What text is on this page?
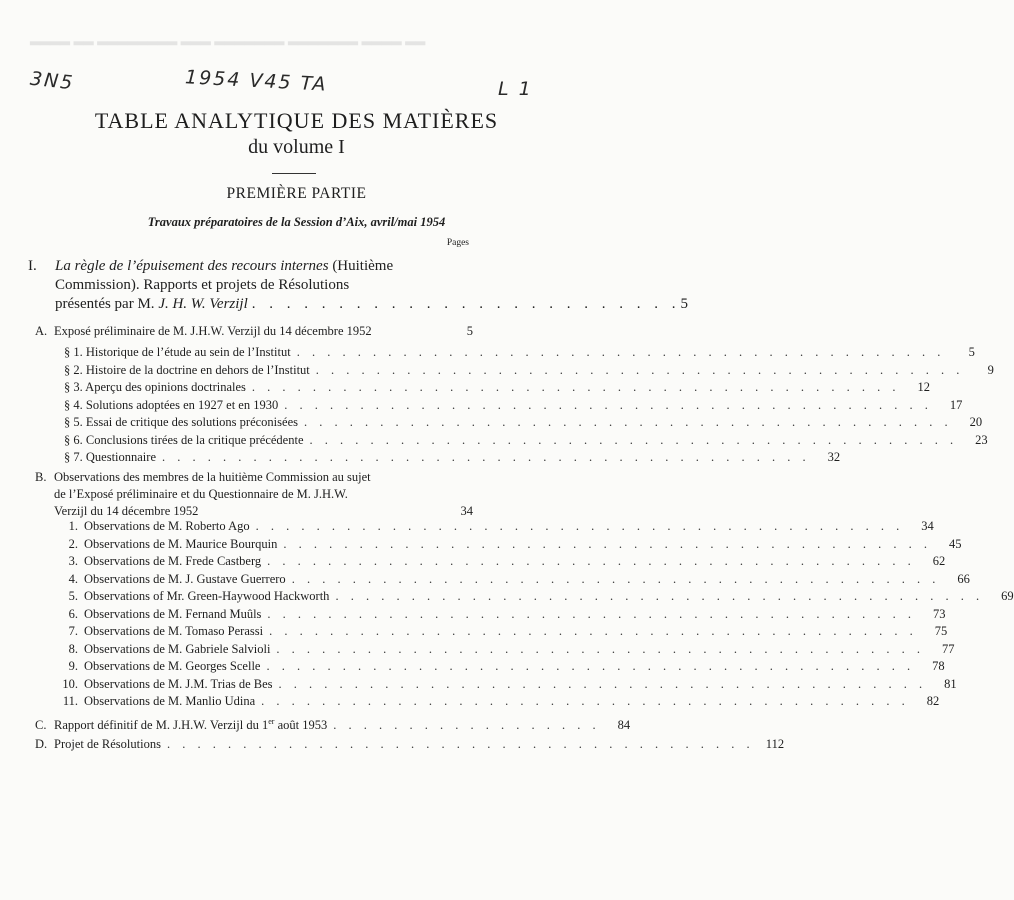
▂▂▂▂ ▂▂ ▂▂▂▂▂▂▂▂ ▂▂▂ ▂▂▂▂▂▂▂ ▂▂▂▂▂▂▂ ▂▂▂▂ ▂▂
3N5	1954 V45 TA	L 1
TABLE ANALYTIQUE DES MATIÈRES
du volume I
PREMIÈRE PARTIE
Travaux préparatoires de la Session d’Aix, avril/mai 1954
Pages
I.	La règle de l’épuisement des recours internes (Huitième
Commission). Rapports et projets de Résolutions
présentés par M. J. H. W. Verzijl . . . . . . . . . . . . . . . . . . . . . . . . . 5
A. Exposé préliminaire de M. J.H.W. Verzijl du 14 décembre 1952	5
§ 1. Historique de l’étude au sein de l’Institut . . . . . . . . . . . . . . . . . . . . . . . . . . . . . . . . . . . . . . . . . . .	5
§ 2. Histoire de la doctrine en dehors de l’Institut . . . . . . . . . . . . . . . . . . . . . . . . . . . . . . . . . . . . . . . . . . .	9
§ 3. Aperçu des opinions doctrinales . . . . . . . . . . . . . . . . . . . . . . . . . . . . . . . . . . . . . . . . . . .	12
§ 4. Solutions adoptées en 1927 et en 1930 . . . . . . . . . . . . . . . . . . . . . . . . . . . . . . . . . . . . . . . . . . .	17
§ 5. Essai de critique des solutions préconisées . . . . . . . . . . . . . . . . . . . . . . . . . . . . . . . . . . . . . . . . . . .	20
§ 6. Conclusions tirées de la critique précédente . . . . . . . . . . . . . . . . . . . . . . . . . . . . . . . . . . . . . . . . . . .	23
§ 7. Questionnaire . . . . . . . . . . . . . . . . . . . . . . . . . . . . . . . . . . . . . . . . . . .	32
B. Observations des membres de la huitième Commission au sujet
de l’Exposé préliminaire et du Questionnaire de M. J.H.W.
Verzijl du 14 décembre 1952	34
1. Observations de M. Roberto Ago . . . . . . . . . . . . . . . . . . . . . . . . . . . . . . . . . . . . . . . . . . .	34
2. Observations de M. Maurice Bourquin . . . . . . . . . . . . . . . . . . . . . . . . . . . . . . . . . . . . . . . . . . .	45
3. Observations de M. Frede Castberg . . . . . . . . . . . . . . . . . . . . . . . . . . . . . . . . . . . . . . . . . . .	62
4. Observations de M. J. Gustave Guerrero . . . . . . . . . . . . . . . . . . . . . . . . . . . . . . . . . . . . . . . . . . .	66
5. Observations of Mr. Green-Haywood Hackworth . . . . . . . . . . . . . . . . . . . . . . . . . . . . . . . . . . . . . . . . . . .	69
6. Observations de M. Fernand Muûls . . . . . . . . . . . . . . . . . . . . . . . . . . . . . . . . . . . . . . . . . . .	73
7. Observations de M. Tomaso Perassi . . . . . . . . . . . . . . . . . . . . . . . . . . . . . . . . . . . . . . . . . . .	75
8. Observations de M. Gabriele Salvioli . . . . . . . . . . . . . . . . . . . . . . . . . . . . . . . . . . . . . . . . . . .	77
9. Observations de M. Georges Scelle . . . . . . . . . . . . . . . . . . . . . . . . . . . . . . . . . . . . . . . . . . .	78
10. Observations de M. J.M. Trias de Bes . . . . . . . . . . . . . . . . . . . . . . . . . . . . . . . . . . . . . . . . . . .	81
11. Observations de M. Manlio Udina . . . . . . . . . . . . . . . . . . . . . . . . . . . . . . . . . . . . . . . . . . .	82
C. Rapport définitif de M. J.H.W. Verzijl du 1er août 1953 . . . . . . . . . . . . . . . . . .	84
D. Projet de Résolutions . . . . . . . . . . . . . . . . . . . . . . . . . . . . . . . . . . . . . . . 112
